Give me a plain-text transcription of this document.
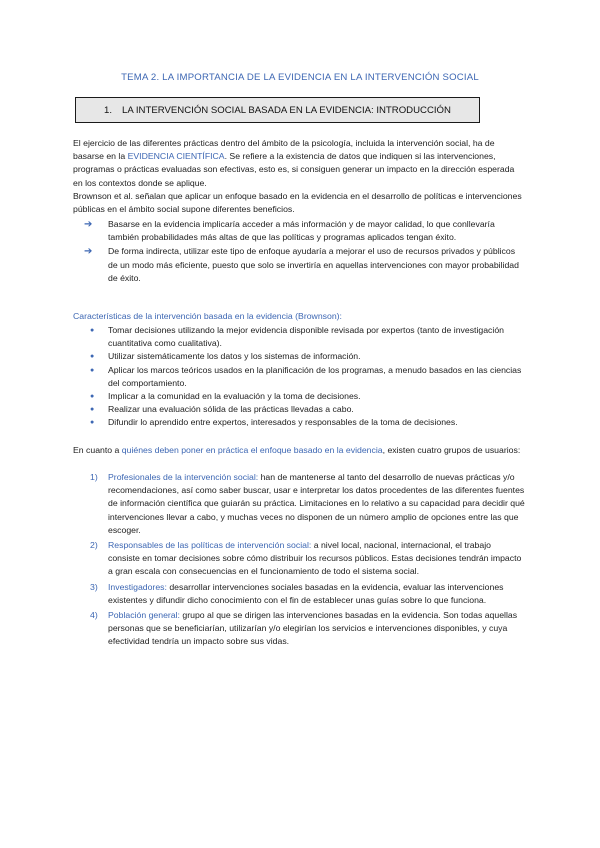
TEMA 2. LA IMPORTANCIA DE LA EVIDENCIA EN LA INTERVENCIÓN SOCIAL
1. LA INTERVENCIÓN SOCIAL BASADA EN LA EVIDENCIA: INTRODUCCIÓN
El ejercicio de las diferentes prácticas dentro del ámbito de la psicología, incluida la intervención social, ha de basarse en la EVIDENCIA CIENTÍFICA. Se refiere a la existencia de datos que indiquen si las intervenciones, programas o prácticas evaluadas son efectivas, esto es, si consiguen generar un impacto en la dirección esperada en los contextos donde se aplique.
Brownson et al. señalan que aplicar un enfoque basado en la evidencia en el desarrollo de políticas e intervenciones públicas en el ámbito social supone diferentes beneficios.
➔ Basarse en la evidencia implicaría acceder a más información y de mayor calidad, lo que conllevaría también probabilidades más altas de que las políticas y programas aplicados tengan éxito.
➔ De forma indirecta, utilizar este tipo de enfoque ayudaría a mejorar el uso de recursos privados y públicos de un modo más eficiente, puesto que solo se invertiría en aquellas intervenciones con mayor probabilidad de éxito.
Características de la intervención basada en la evidencia (Brownson):
● Tomar decisiones utilizando la mejor evidencia disponible revisada por expertos (tanto de investigación cuantitativa como cualitativa).
● Utilizar sistemáticamente los datos y los sistemas de información.
● Aplicar los marcos teóricos usados en la planificación de los programas, a menudo basados en las ciencias del comportamiento.
● Implicar a la comunidad en la evaluación y la toma de decisiones.
● Realizar una evaluación sólida de las prácticas llevadas a cabo.
● Difundir lo aprendido entre expertos, interesados y responsables de la toma de decisiones.
En cuanto a quiénes deben poner en práctica el enfoque basado en la evidencia, existen cuatro grupos de usuarios:
1) Profesionales de la intervención social: han de mantenerse al tanto del desarrollo de nuevas prácticas y/o recomendaciones, así como saber buscar, usar e interpretar los datos procedentes de las diferentes fuentes de información científica que guiarán su práctica. Limitaciones en lo relativo a su capacidad para decidir qué intervenciones llevar a cabo, y muchas veces no disponen de un número amplio de opciones entre las que escoger.
2) Responsables de las políticas de intervención social: a nivel local, nacional, internacional, el trabajo consiste en tomar decisiones sobre cómo distribuir los recursos públicos. Estas decisiones tendrán impacto a gran escala con consecuencias en el funcionamiento de todo el sistema social.
3) Investigadores: desarrollar intervenciones sociales basadas en la evidencia, evaluar las intervenciones existentes y difundir dicho conocimiento con el fin de establecer unas guías sobre lo que funciona.
4) Población general: grupo al que se dirigen las intervenciones basadas en la evidencia. Son todas aquellas personas que se beneficiarían, utilizarían y/o elegirían los servicios e intervenciones disponibles, y cuya efectividad tendría un impacto sobre sus vidas.
